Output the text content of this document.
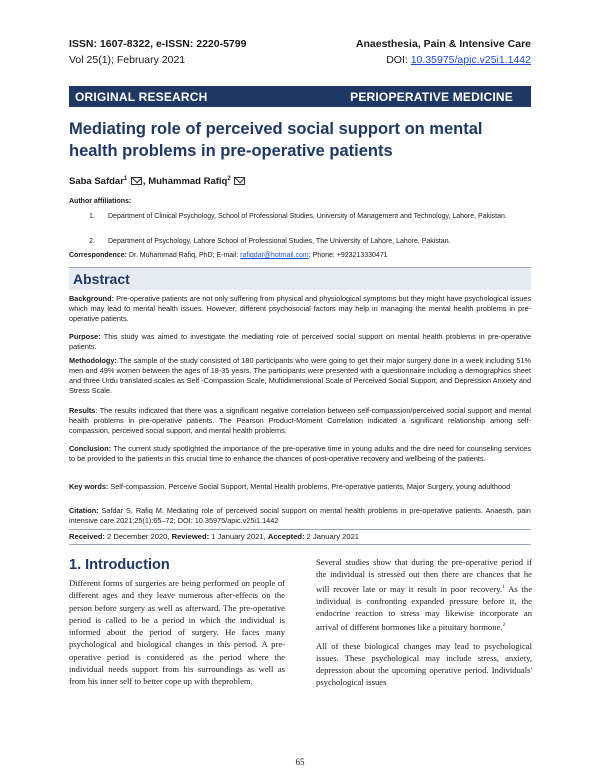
ISSN: 1607-8322, e-ISSN: 2220-5799	Anaesthesia, Pain & Intensive Care
Vol 25(1); February 2021	DOI: 10.35975/apic.v25i1.1442
ORIGINAL RESEARCH	PERIOPERATIVE MEDICINE
Mediating role of perceived social support on mental health problems in pre-operative patients
Saba Safdar$^1$ , Muhammad Rafiq$^2$
Author affiliations:
1. Department of Clinical Psychology, School of Professional Studies, University of Management and Technology, Lahore, Pakistan.
2. Department of Psychology, Lahore School of Professional Studies, The University of Lahore, Lahore, Pakistan.
Correspondence: Dr. Muhammad Rafiq, PhD; E-mail: rafiqdar@hotmail.com; Phone: +923213330471
Abstract
Background: Pre-operative patients are not only suffering from physical and physiological symptoms but they might have psychological issues which may lead to mental health issues. However, different psychosocial factors may help in managing the mental health problems in pre-operative patients.
Purpose: This study was aimed to investigate the mediating role of perceived social support on mental health problems in pre-operative patients.
Methodology: The sample of the study consisted of 180 participants who were going to get their major surgery done in a week including 51% men and 49% women between the ages of 18-35 years. The participants were presented with a questionnaire including a demographics sheet and three Urdu translated scales as Self -Compassion Scale, Multidimensional Scale of Perceived Social Support, and Depression Anxiety and Stress Scale.
Results: The results indicated that there was a significant negative correlation between self-compassion/perceived social support and mental health problems in pre-operative patients. The Pearson Product-Moment Correlation indicated a significant relationship among self-compassion, perceived social support, and mental health problems.
Conclusion: The current study spotlighted the importance of the pre-operative time in young adults and the dire need for counseling services to be provided to the patients in this crucial time to enhance the chances of post-operative recovery and wellbeing of the patients.
Key words: Self-compassion, Perceive Social Support, Mental Health problems, Pre-operative patients, Major Surgery, young adulthood
Citation: Safdar S, Rafiq M. Mediating role of perceived social support on mental health problems in pre-operative patients. Anaesth. pain intensive care 2021;25(1):65–72; DOI: 10.35975/apic.v25i1.1442
Received: 2 December 2020, Reviewed: 1 January 2021, Accepted: 2 January 2021
1. Introduction

Different forms of surgeries are being performed on people of different ages and they leave numerous after-effects on the person before surgery as well as afterward. The pre-operative period is called to be a period in which the individual is informed about the period of surgery. He faces many psychological and biological changes in this period. A pre-operative period is considered as the period where the individual needs support from his surroundings as well as from his inner self to better cope up with theproblem.

Several studies show that during the pre-operative period if the individual is stressed out then there are chances that he will recover late or may it result in poor recovery.$^1$ As the individual is confronting expanded pressure before it, the endocrine reaction to stress may likewise incorporate an arrival of different hormones like a pituitary hormone.$^2$

All of these biological changes may lead to psychological issues. These psychological may include stress, anxiety, depression about the upcoming operative period. Individuals' psychological issues

65
